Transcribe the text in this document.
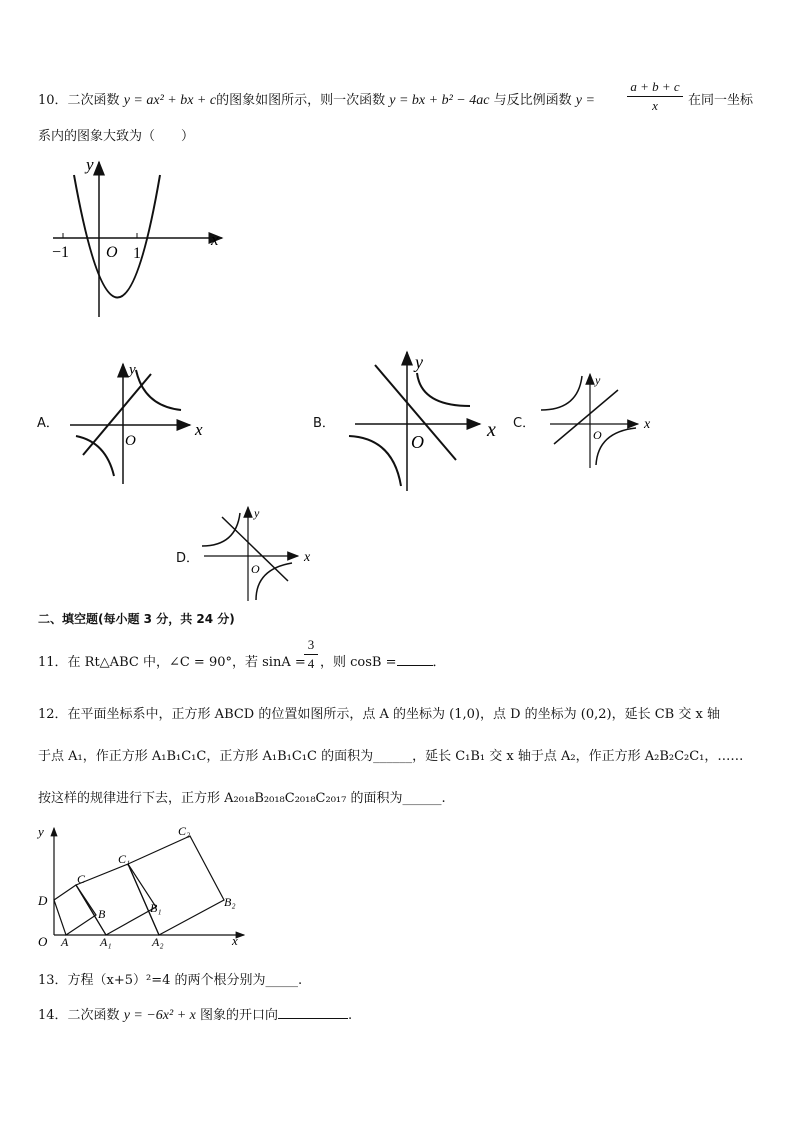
10．二次函数 y = ax² + bx + c的图象如图所示，则一次函数 y = bx + b² − 4ac 与反比例函数 y =
a + b + c
x	在同一坐标
系内的图象大致为（　　）
y
x
−1 O 1
A．
y
x
O
B．
y
x
O
C．
y
x
O
D．
y
x
O
二、填空题(每小题 3 分，共 24 分)
11．在 Rt△ABC 中，∠C = 90°，若 sinA =
3
4 ，则 cosB =	．
12．在平面坐标系中，正方形 ABCD 的位置如图所示，点 A 的坐标为 (1,0)，点 D 的坐标为 (0,2)，延长 CB 交 x 轴
于点 A₁，作正方形 A₁B₁C₁C，正方形 A₁B₁C₁C 的面积为______，延长 C₁B₁ 交 x 轴于点 A₂，作正方形 A₂B₂C₂C₁，……
按这样的规律进行下去，正方形 A₂₀₁₈B₂₀₁₈C₂₀₁₈C₂₀₁₇ 的面积为______.
y
x
O
D
A
B
C
A₁
B₁
C₁
A₂
B₂
C₂
13．方程（x+5）²=4 的两个根分别为_____.
14．二次函数 y = −6x² + x 图象的开口向	.
